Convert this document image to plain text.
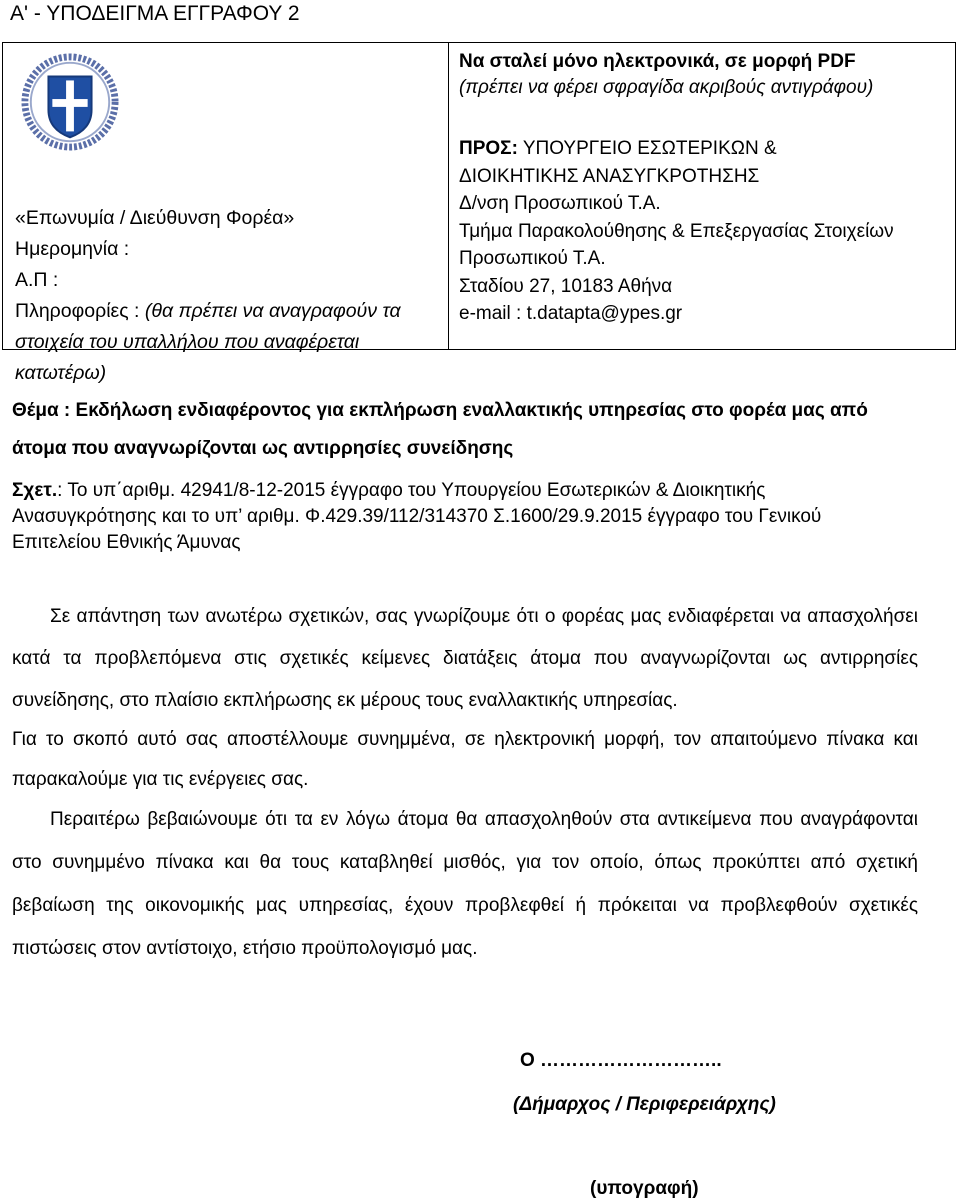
Α' - ΥΠΟΔΕΙΓΜΑ ΕΓΓΡΑΦΟΥ 2
«Επωνυμία / Διεύθυνση Φορέα»
Ημερομηνία :
Α.Π :
Πληροφορίες : (θα πρέπει να αναγραφούν τα
στοιχεία του υπαλλήλου που αναφέρεται
κατωτέρω)
Να σταλεί μόνο ηλεκτρονικά, σε μορφή PDF
(πρέπει να φέρει σφραγίδα ακριβούς αντιγράφου)
ΠΡΟΣ: ΥΠΟΥΡΓΕΙΟ ΕΣΩΤΕΡΙΚΩΝ &
ΔΙΟΙΚΗΤΙΚΗΣ ΑΝΑΣΥΓΚΡΟΤΗΣΗΣ
Δ/νση Προσωπικού Τ.Α.
Τμήμα Παρακολούθησης & Επεξεργασίας Στοιχείων
Προσωπικού Τ.Α.
Σταδίου 27, 10183 Αθήνα
e-mail : t.datapta@ypes.gr
Θέμα : Εκδήλωση ενδιαφέροντος για εκπλήρωση εναλλακτικής υπηρεσίας στο φορέα μας από
άτομα που αναγνωρίζονται ως αντιρρησίες συνείδησης
Σχετ.: Το υπ΄αριθμ. 42941/8-12-2015 έγγραφο του Υπουργείου Εσωτερικών & Διοικητικής
Ανασυγκρότησης και το υπ’ αριθμ. Φ.429.39/112/314370 Σ.1600/29.9.2015 έγγραφο του Γενικού
Επιτελείου Εθνικής Άμυνας
Σε απάντηση των ανωτέρω σχετικών, σας γνωρίζουμε ότι ο φορέας μας ενδιαφέρεται να απασχολήσει κατά τα προβλεπόμενα στις σχετικές κείμενες διατάξεις άτομα που αναγνωρίζονται ως αντιρρησίες συνείδησης, στο πλαίσιο εκπλήρωσης εκ μέρους τους εναλλακτικής υπηρεσίας.
Για το σκοπό αυτό σας αποστέλλουμε συνημμένα, σε ηλεκτρονική μορφή, τον απαιτούμενο πίνακα και παρακαλούμε για τις ενέργειες σας.
Περαιτέρω βεβαιώνουμε ότι τα εν λόγω άτομα θα απασχοληθούν στα αντικείμενα που αναγράφονται στο συνημμένο πίνακα και θα τους καταβληθεί μισθός, για τον οποίο, όπως προκύπτει από σχετική βεβαίωση της οικονομικής μας υπηρεσίας, έχουν προβλεφθεί ή πρόκειται να προβλεφθούν σχετικές πιστώσεις στον αντίστοιχο, ετήσιο προϋπολογισμό μας.
Ο ………………………..
(Δήμαρχος / Περιφερειάρχης)
(υπογραφή)
